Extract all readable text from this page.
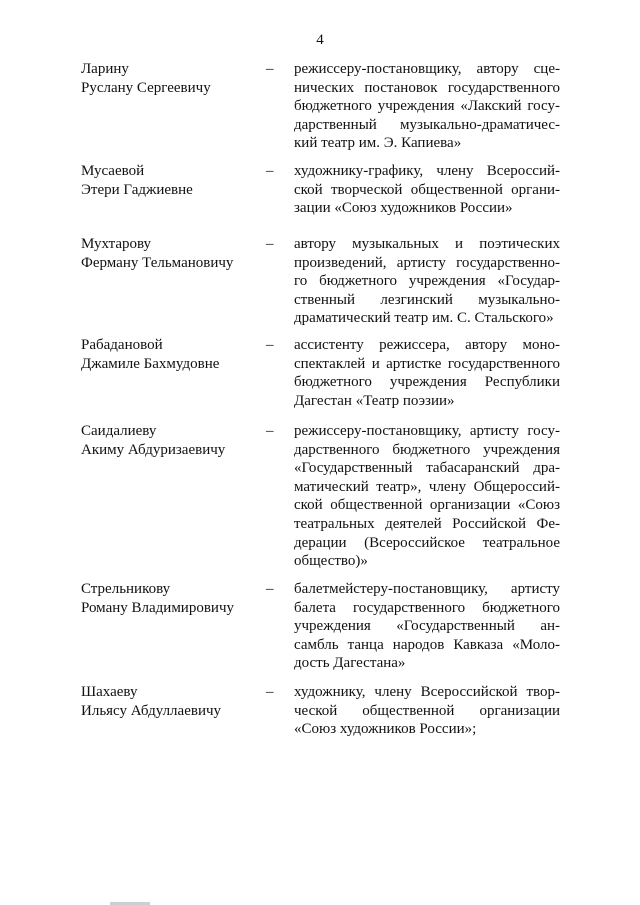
4
Ларину
Руслану Сергеевичу
– режиссеру-постановщику, автору сце-
нических постановок государственного
бюджетного учреждения «Лакский госу-
дарственный музыкально-драматичес-
кий театр им. Э. Капиева»
Мусаевой
Этери Гаджиевне
– художнику-графику, члену Всероссий-
ской творческой общественной органи-
зации «Союз художников России»
Мухтарову
Ферману Тельмановичу
– автору музыкальных и поэтических
произведений, артисту государственно-
го бюджетного учреждения «Государ-
ственный лезгинский музыкально-
драматический театр им. С. Стальского»
Рабадановой
Джамиле Бахмудовне
– ассистенту режиссера, автору моно-
спектаклей и артистке государственного
бюджетного учреждения Республики
Дагестан «Театр поэзии»
Саидалиеву
Акиму Абдуризаевичу
– режиссеру-постановщику, артисту госу-
дарственного бюджетного учреждения
«Государственный табасаранский дра-
матический театр», члену Общероссий-
ской общественной организации «Союз
театральных деятелей Российской Фе-
дерации (Всероссийское театральное
общество)»
Стрельникову
Роману Владимировичу
– балетмейстеру-постановщику, артисту
балета государственного бюджетного
учреждения «Государственный ан-
самбль танца народов Кавказа «Моло-
дость Дагестана»
Шахаеву
Ильясу Абдуллаевичу
– художнику, члену Всероссийской твор-
ческой общественной организации
«Союз художников России»;
